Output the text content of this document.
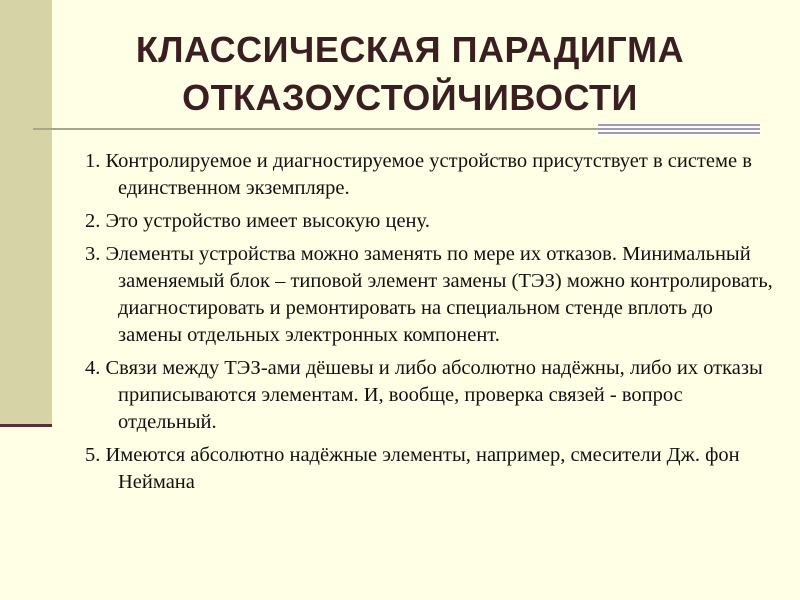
КЛАССИЧЕСКАЯ ПАРАДИГМА
ОТКАЗОУСТОЙЧИВОСТИ
1. Контролируемое и диагностируемое устройство присутствует в системе в единственном экземпляре.
2. Это устройство имеет высокую цену.
3. Элементы устройства можно заменять по мере их отказов. Минимальный заменяемый блок – типовой элемент замены (ТЭЗ) можно контролировать, диагностировать и ремонтировать на специальном стенде вплоть до замены отдельных электронных компонент.
4. Связи между ТЭЗ-ами дёшевы и либо абсолютно надёжны, либо их отказы приписываются элементам. И, вообще, проверка связей - вопрос отдельный.
5. Имеются абсолютно надёжные элементы, например, смесители Дж. фон Неймана
